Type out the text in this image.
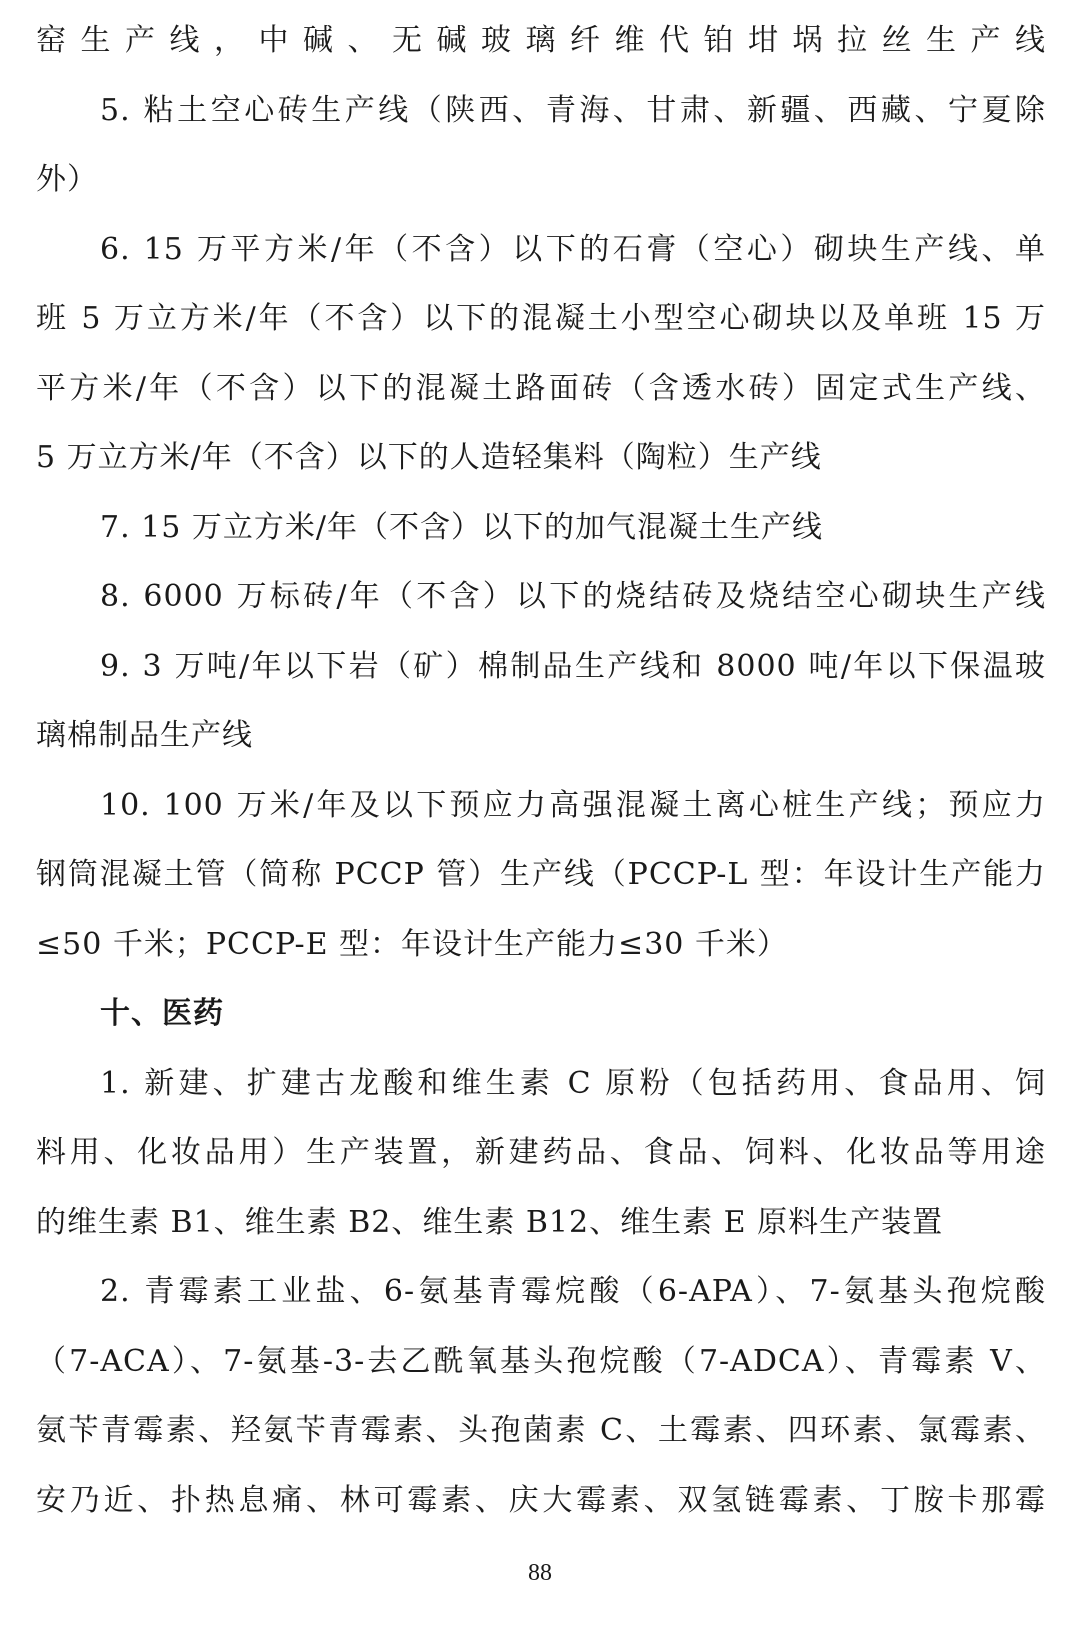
窑生产线，中碱、无碱玻璃纤维代铂坩埚拉丝生产线
5. 粘土空心砖生产线（陕西、青海、甘肃、新疆、西藏、宁夏除
外）
6. 15 万平方米/年（不含）以下的石膏（空心）砌块生产线、单
班 5 万立方米/年（不含）以下的混凝土小型空心砌块以及单班 15 万
平方米/年（不含）以下的混凝土路面砖（含透水砖）固定式生产线、
5 万立方米/年（不含）以下的人造轻集料（陶粒）生产线
7. 15 万立方米/年（不含）以下的加气混凝土生产线
8. 6000 万标砖/年（不含）以下的烧结砖及烧结空心砌块生产线
9. 3 万吨/年以下岩（矿）棉制品生产线和 8000 吨/年以下保温玻
璃棉制品生产线
10. 100 万米/年及以下预应力高强混凝土离心桩生产线；预应力
钢筒混凝土管（简称 PCCP 管）生产线（PCCP-L 型：年设计生产能力
≤50 千米；PCCP-E 型：年设计生产能力≤30 千米）
十、医药
1. 新建、扩建古龙酸和维生素 C 原粉（包括药用、食品用、饲
料用、化妆品用）生产装置，新建药品、食品、饲料、化妆品等用途
的维生素 B1、维生素 B2、维生素 B12、维生素 E 原料生产装置
2. 青霉素工业盐、6-氨基青霉烷酸（6-APA）、7-氨基头孢烷酸
（7-ACA）、7-氨基-3-去乙酰氧基头孢烷酸（7-ADCA）、青霉素 V、
氨苄青霉素、羟氨苄青霉素、头孢菌素 C、土霉素、四环素、氯霉素、
安乃近、扑热息痛、林可霉素、庆大霉素、双氢链霉素、丁胺卡那霉
88
